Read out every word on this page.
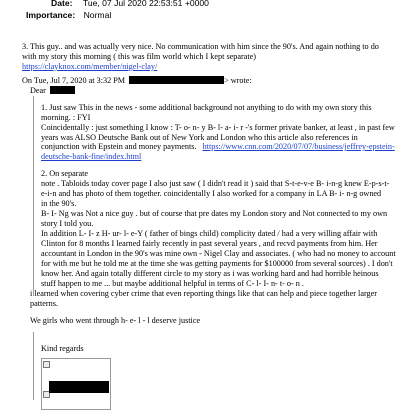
Date: Tue, 07 Jul 2020 22:53:51 +0000
Importance: Normal
3. This guy.. and was actually very nice. No communication with him since the 90's. And again nothing to do
with my story this morning ( this was film world which I kept separate)
https://clayknox.com/member/nigel-clay/
On Tue, Jul 7, 2020 at 3:32 PM	> wrote:
Dear
1. Just saw This in the news - some additional background not anything to do with my own story this
morning. : FYI
Coincidentally : just something I know : T- o- n- y B- l- a- i- r -'s former private banker, at least , in past few
years was ALSO Deutsche Bank out of New York and London who this article also references in
conjunction with Epstein and money payments. https://www.cnn.com/2020/07/07/business/jeffrey-epstein-
deutsche-bank-fine/index.html
2. On separate
note . Tabloids today cover page I also just saw ( I didn't read it ) said that S-t-e-v-e B- i-n-g knew E-p-s-t-
e-i-n and has photo of them together. coincidentally I also worked for a company in LA B- i- n-g owned
in the 90's.
B- I- Ng was Not a nice guy . but of course that pre dates my London story and Not connected to my own
story I told you.
In addition L- I- z H- ur- l- e-Y ( father of bings child) complicity dated / had a very willing affair with
Clinton for 8 months I learned fairly recently in past several years , and recvd payments from him. Her
accountant in London in the 90's was mine own - Nigel Clay and associates. ( who had no money to account
for with me but he told me at the time she was getting payments for $100000 from several sources) . I don't
know her. And again totally different circle to my story as i was working hard and had horrible heinous
stuff happen to me ... but maybe additional helpful in terms of C- l- I- n- t- o- n .
i learned when covering cyber crime that even reporting things like that can help and piece together larger
patterns.
We girls who went through h- e- l - l deserve justice
Kind regards
